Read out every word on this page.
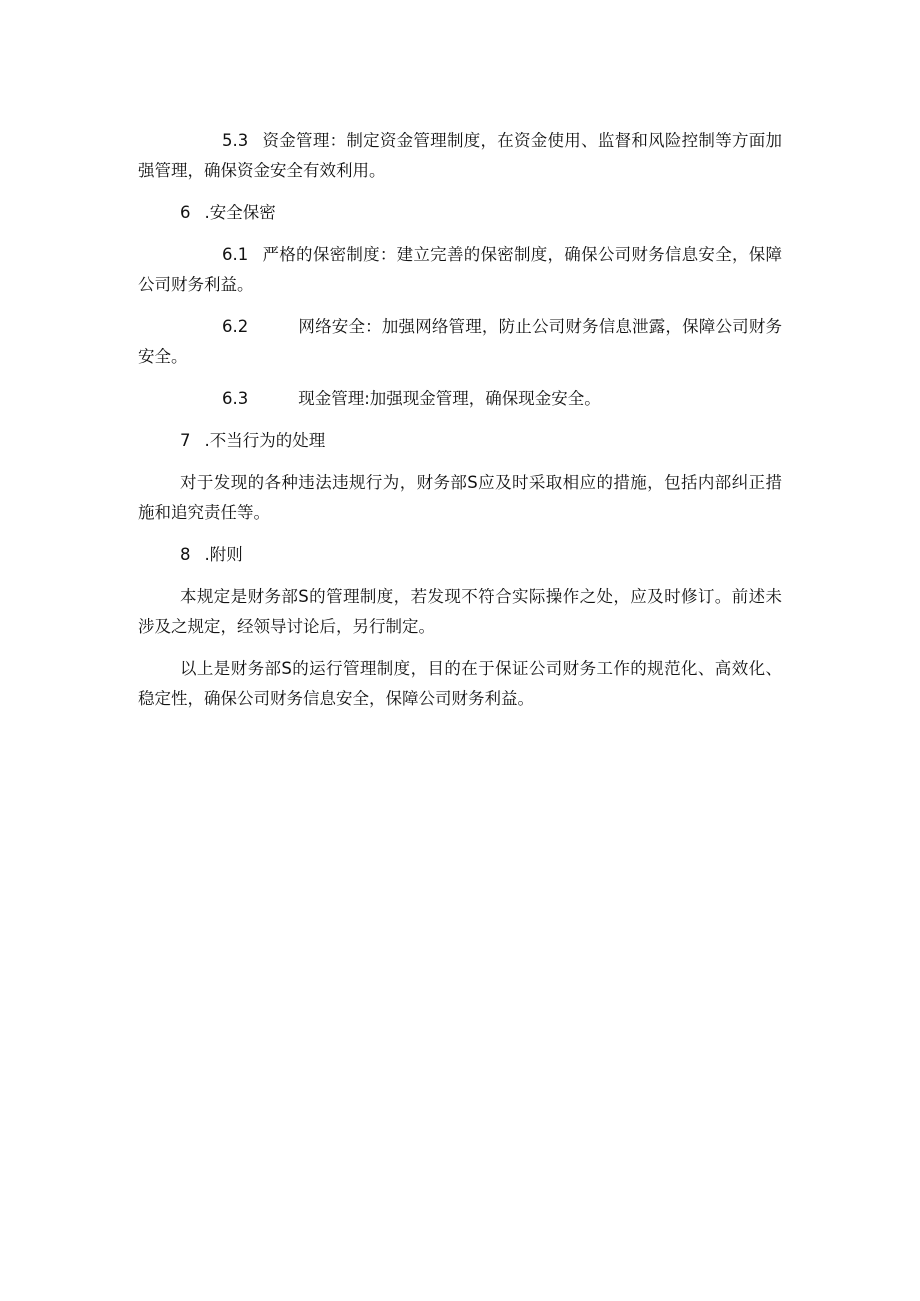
5.3 资金管理：制定资金管理制度，在资金使用、监督和风险控制等方面加强管理，确保资金安全有效利用。

6 .安全保密

6.1 严格的保密制度：建立完善的保密制度，确保公司财务信息安全，保障公司财务利益。

6.2	网络安全：加强网络管理，防止公司财务信息泄露，保障公司财务安全。

6.3	现金管理:加强现金管理，确保现金安全。

7 .不当行为的处理

对于发现的各种违法违规行为，财务部S应及时采取相应的措施，包括内部纠正措施和追究责任等。

8 .附则

本规定是财务部S的管理制度，若发现不符合实际操作之处，应及时修订。前述未涉及之规定，经领导讨论后，另行制定。

以上是财务部S的运行管理制度，目的在于保证公司财务工作的规范化、高效化、稳定性，确保公司财务信息安全，保障公司财务利益。
